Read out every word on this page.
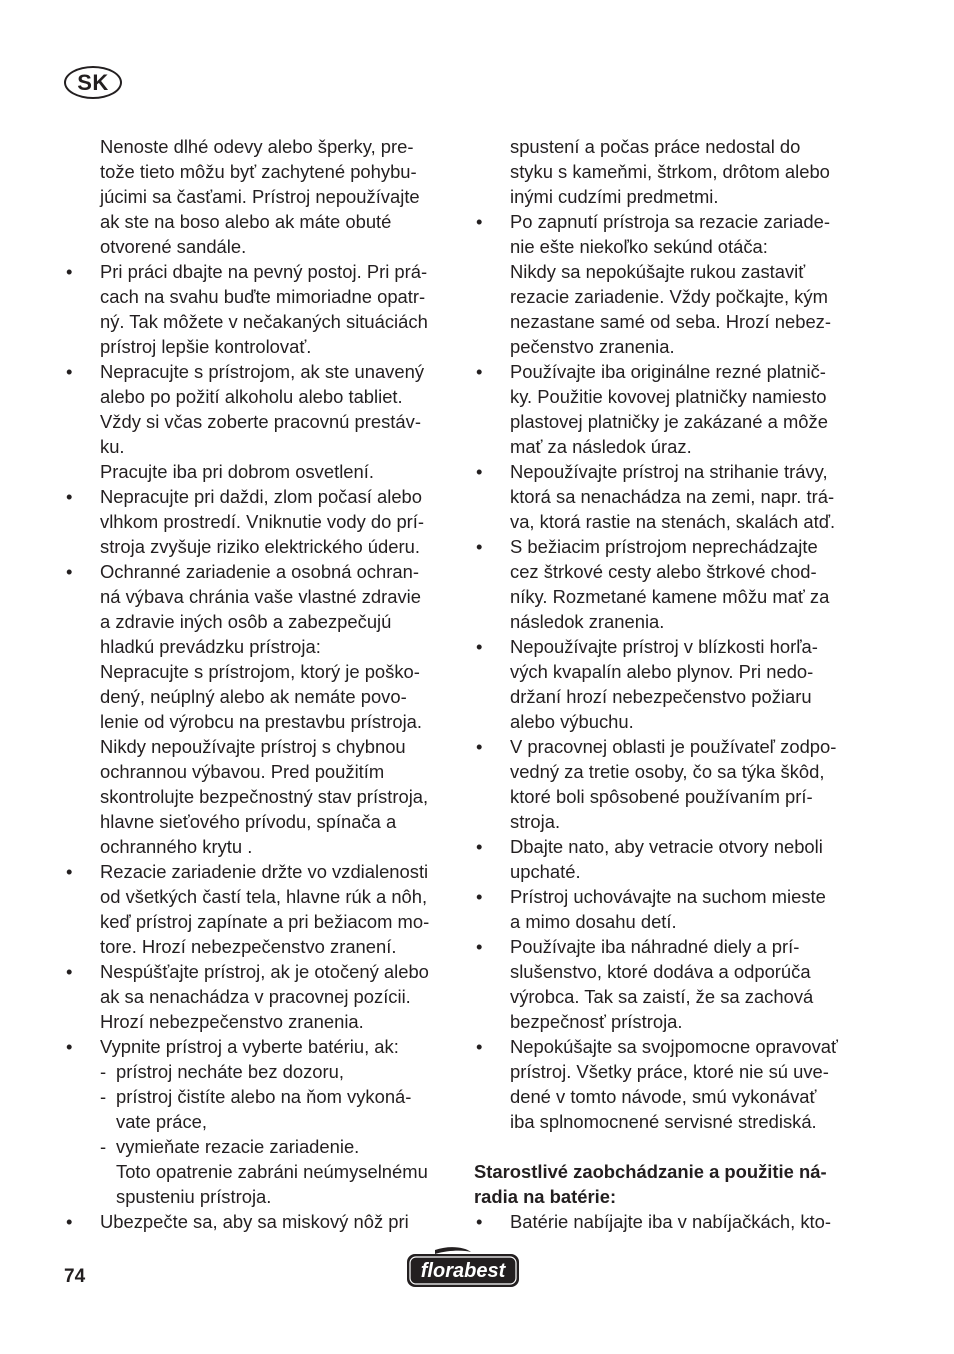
SK
Nenoste dlhé odevy alebo šperky, pre-
tože tieto môžu byť zachytené pohybu-
júcimi sa časťami. Prístroj nepoužívajte
ak ste na boso alebo ak máte obuté
otvorené sandále.
• Pri práci dbajte na pevný postoj. Pri prá-
cach na svahu buďte mimoriadne opatr-
ný. Tak môžete v nečakaných situáciách
prístroj lepšie kontrolovať.
• Nepracujte s prístrojom, ak ste unavený
alebo po požití alkoholu alebo tabliet.
Vždy si včas zoberte pracovnú prestáv-
ku.
Pracujte iba pri dobrom osvetlení.
• Nepracujte pri daždi, zlom počasí alebo
vlhkom prostredí. Vniknutie vody do prí-
stroja zvyšuje riziko elektrického úderu.
• Ochranné zariadenie a osobná ochran-
ná výbava chránia vaše vlastné zdravie
a zdravie iných osôb a zabezpečujú
hladkú prevádzku prístroja:
Nepracujte s prístrojom, ktorý je poško-
dený, neúplný alebo ak nemáte povo-
lenie od výrobcu na prestavbu prístroja.
Nikdy nepoužívajte prístroj s chybnou
ochrannou výbavou. Pred použitím
skontrolujte bezpečnostný stav prístroja,
hlavne sieťového prívodu, spínača a
ochranného krytu .
• Rezacie zariadenie držte vo vzdialenosti
od všetkých častí tela, hlavne rúk a nôh,
keď prístroj zapínate a pri bežiacom mo-
tore. Hrozí nebezpečenstvo zranení.
• Nespúšťajte prístroj, ak je otočený alebo
ak sa nenachádza v pracovnej pozícii.
Hrozí nebezpečenstvo zranenia.
• Vypnite prístroj a vyberte batériu, ak:
- prístroj necháte bez dozoru,
- prístroj čistíte alebo na ňom vykoná-
vate práce,
- vymieňate rezacie zariadenie.
Toto opatrenie zabráni neúmyselnému
spusteniu prístroja.
• Ubezpečte sa, aby sa miskový nôž pri
spustení a počas práce nedostal do
styku s kameňmi, štrkom, drôtom alebo
inými cudzími predmetmi.
• Po zapnutí prístroja sa rezacie zariade-
nie ešte niekoľko sekúnd otáča:
Nikdy sa nepokúšajte rukou zastaviť
rezacie zariadenie. Vždy počkajte, kým
nezastane samé od seba. Hrozí nebez-
pečenstvo zranenia.
• Používajte iba originálne rezné platnič-
ky. Použitie kovovej platničky namiesto
plastovej platničky je zakázané a môže
mať za následok úraz.
• Nepoužívajte prístroj na strihanie trávy,
ktorá sa nenachádza na zemi, napr. trá-
va, ktorá rastie na stenách, skalách atď.
• S bežiacim prístrojom neprechádzajte
cez štrkové cesty alebo štrkové chod-
níky. Rozmetané kamene môžu mať za
následok zranenia.
• Nepoužívajte prístroj v blízkosti horľa-
vých kvapalín alebo plynov. Pri nedo-
držaní hrozí nebezpečenstvo požiaru
alebo výbuchu.
• V pracovnej oblasti je používateľ zodpo-
vedný za tretie osoby, čo sa týka škôd,
ktoré boli spôsobené používaním prí-
stroja.
• Dbajte nato, aby vetracie otvory neboli
upchaté.
• Prístroj uchovávajte na suchom mieste
a mimo dosahu detí.
• Používajte iba náhradné diely a prí-
slušenstvo, ktoré dodáva a odporúča
výrobca. Tak sa zaistí, že sa zachová
bezpečnosť prístroja.
• Nepokúšajte sa svojpomocne opravovať
prístroj. Všetky práce, ktoré nie sú uve-
dené v tomto návode, smú vykonávať
iba splnomocnené servisné strediská.
Starostlivé zaobchádzanie a použitie ná-
radia na batérie:
• Batérie nabíjajte iba v nabíjačkách, kto-
74	florabest
